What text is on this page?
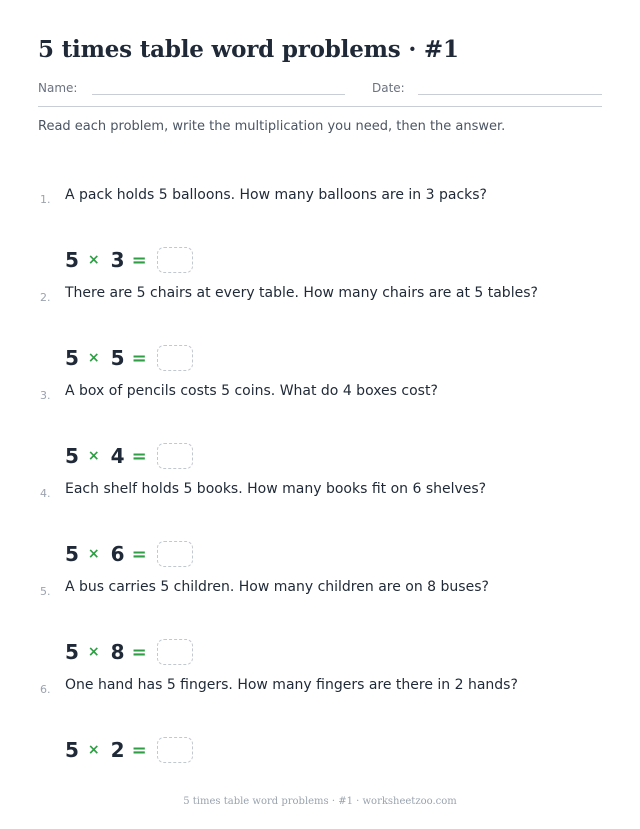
5 times table word problems · #1
Name:	Date:
Read each problem, write the multiplication you need, then the answer.
1. A pack holds 5 balloons. How many balloons are in 3 packs?
5 × 3 =
2. There are 5 chairs at every table. How many chairs are at 5 tables?
5 × 5 =
3. A box of pencils costs 5 coins. What do 4 boxes cost?
5 × 4 =
4. Each shelf holds 5 books. How many books fit on 6 shelves?
5 × 6 =
5. A bus carries 5 children. How many children are on 8 buses?
5 × 8 =
6. One hand has 5 fingers. How many fingers are there in 2 hands?
5 × 2 =
5 times table word problems · #1 · worksheetzoo.com
